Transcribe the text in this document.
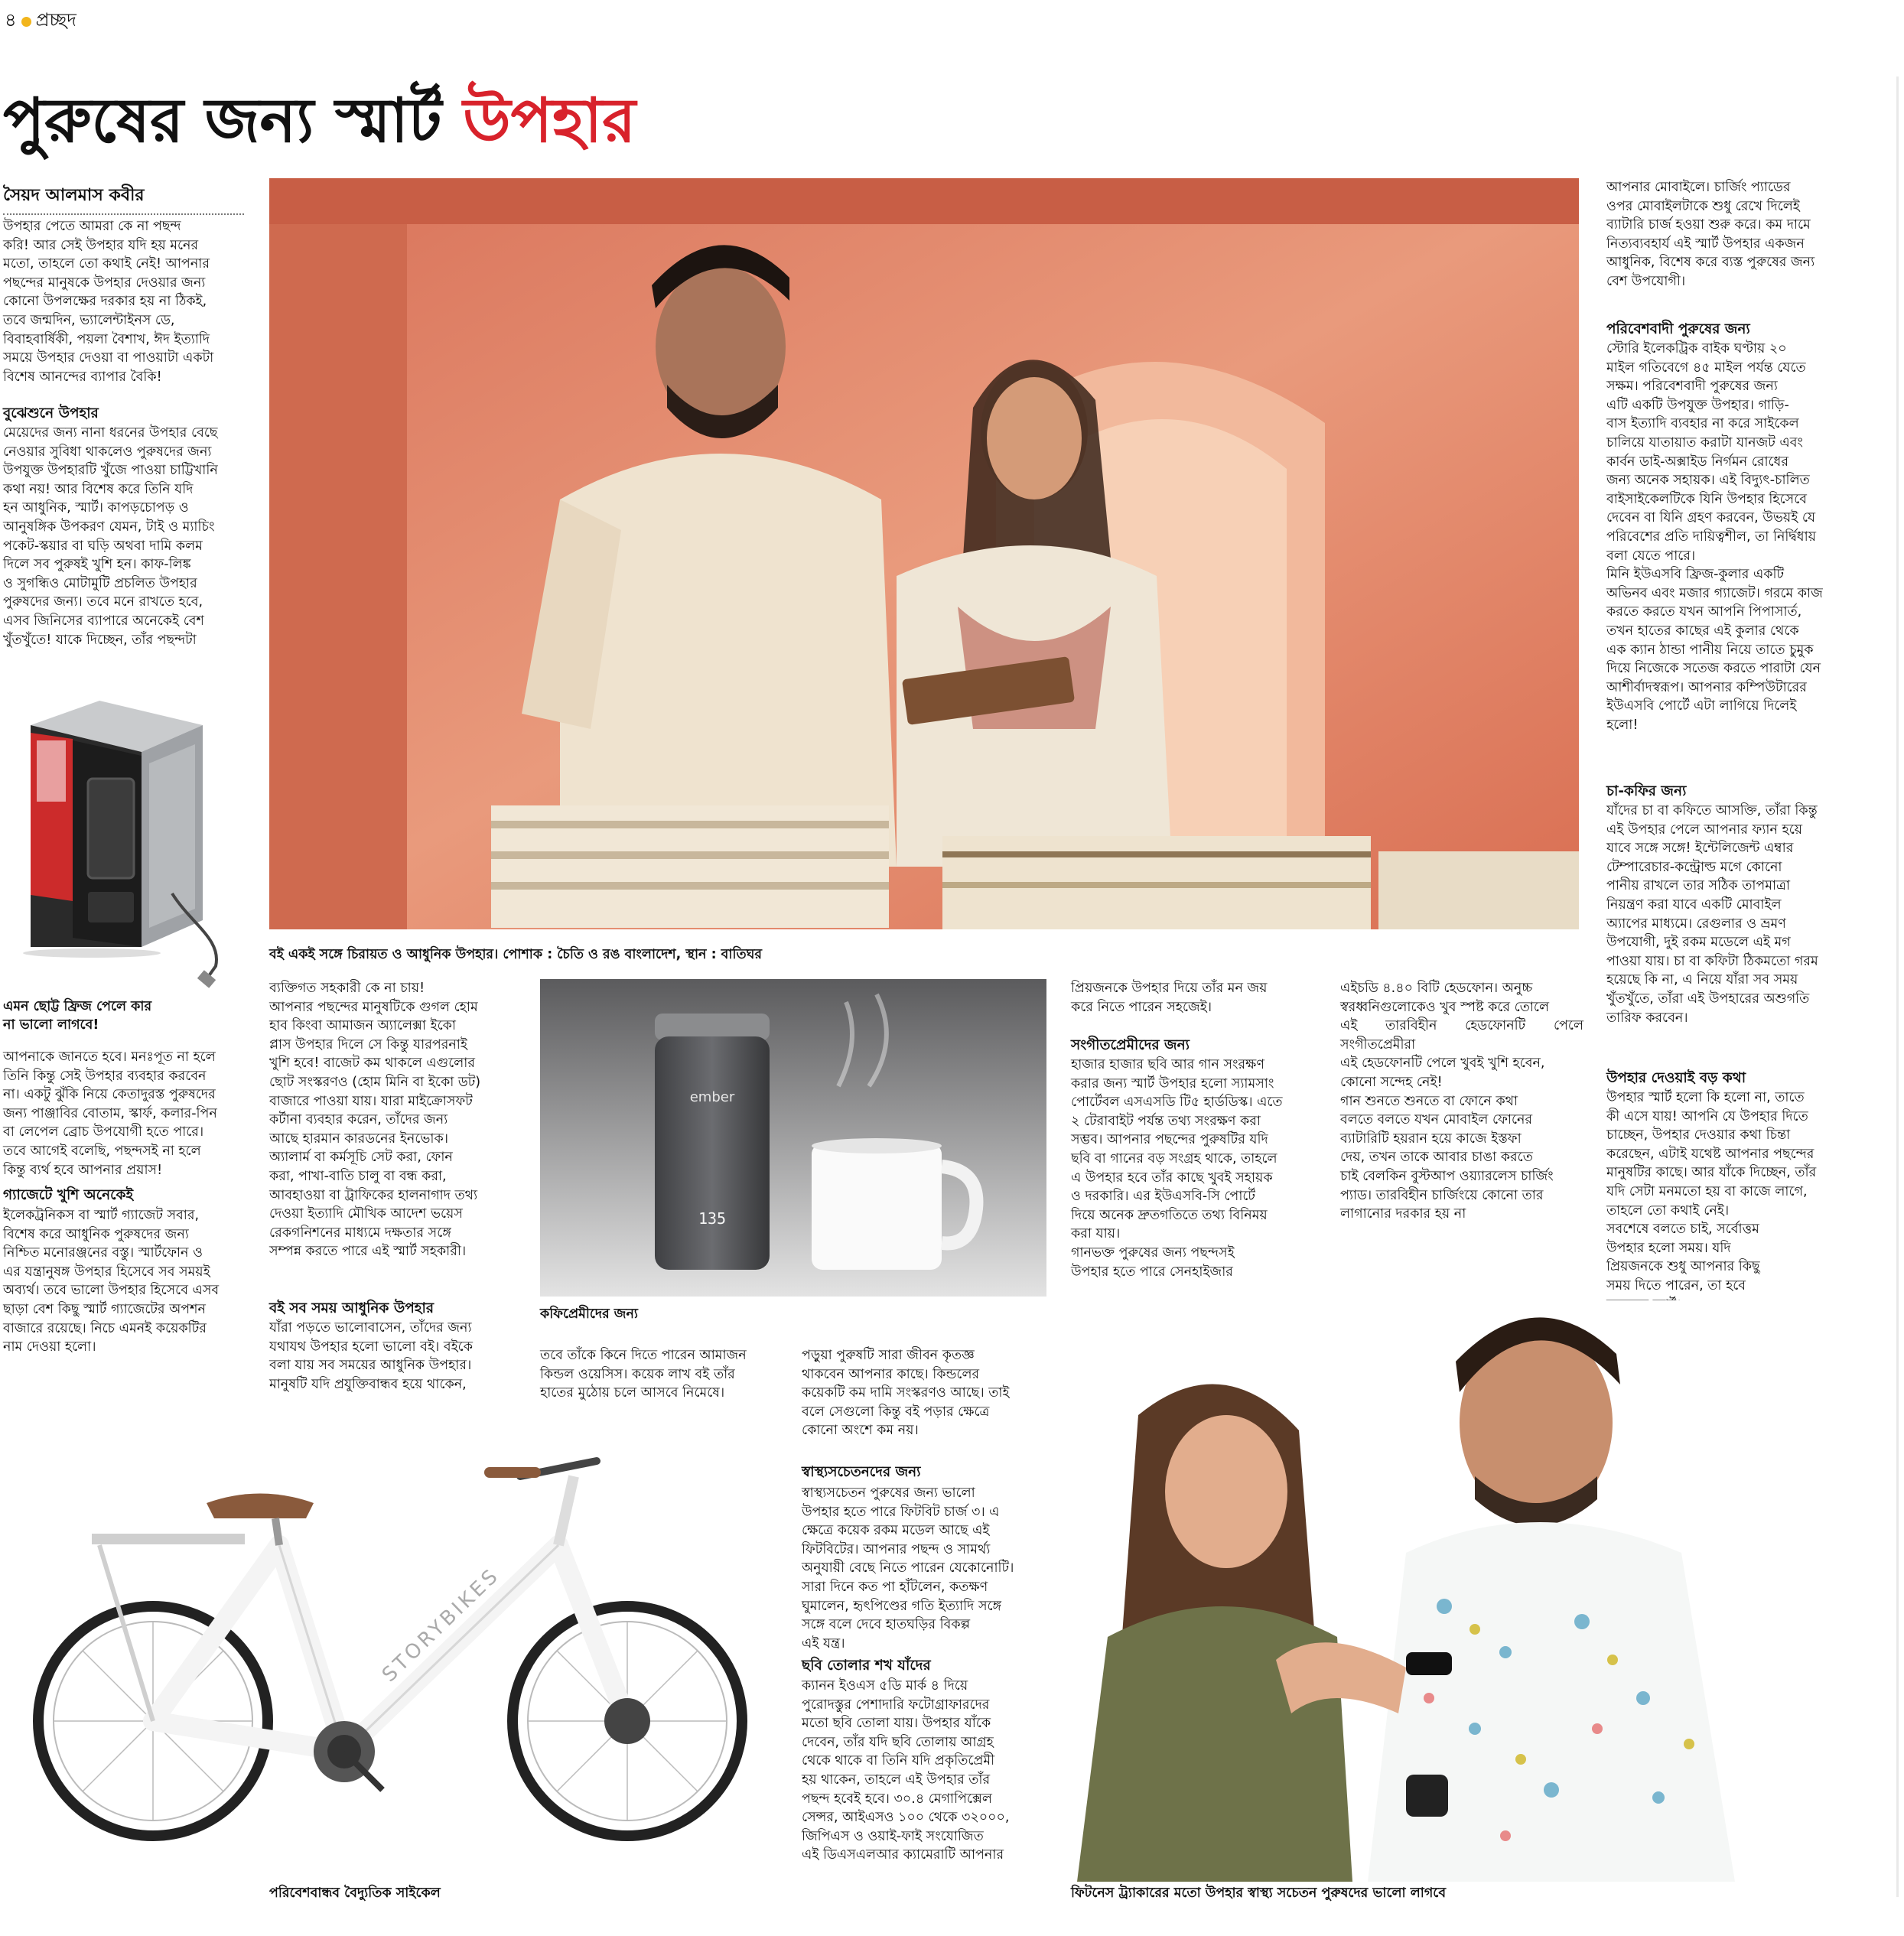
৪ প্রচ্ছদ
পুরুষের জন্য স্মার্ট উপহার
সৈয়দ আলমাস কবীর
উপহার পেতে আমরা কে না পছন্দ
করি! আর সেই উপহার যদি হয় মনের
মতো, তাহলে তো কথাই নেই! আপনার
পছন্দের মানুষকে উপহার দেওয়ার জন্য
কোনো উপলক্ষের দরকার হয় না ঠিকই,
তবে জন্মদিন, ভ্যালেন্টাইনস ডে,
বিবাহবার্ষিকী, পয়লা বৈশাখ, ঈদ ইত্যাদি
সময়ে উপহার দেওয়া বা পাওয়াটা একটা
বিশেষ আনন্দের ব্যাপার বৈকি!
বুঝেশুনে উপহার
মেয়েদের জন্য নানা ধরনের উপহার বেছে
নেওয়ার সুবিধা থাকলেও পুরুষদের জন্য
উপযুক্ত উপহারটি খুঁজে পাওয়া চাট্টিখানি
কথা নয়! আর বিশেষ করে তিনি যদি
হন আধুনিক, স্মার্ট। কাপড়চোপড় ও
আনুষঙ্গিক উপকরণ যেমন, টাই ও ম্যাচিং
পকেট-স্কয়ার বা ঘড়ি অথবা দামি কলম
দিলে সব পুরুষই খুশি হন। কাফ-লিঙ্ক
ও সুগন্ধিও মোটামুটি প্রচলিত উপহার
পুরুষদের জন্য। তবে মনে রাখতে হবে,
এসব জিনিসের ব্যাপারে অনেকেই বেশ
খুঁতখুঁতে! যাকে দিচ্ছেন, তাঁর পছন্দটা
এমন ছোট্ট ফ্রিজ পেলে কার
না ভালো লাগবে!
আপনাকে জানতে হবে। মনঃপূত না হলে
তিনি কিন্তু সেই উপহার ব্যবহার করবেন
না। একটু ঝুঁকি নিয়ে কেতাদুরস্ত পুরুষদের
জন্য পাঞ্জাবির বোতাম, স্কার্ফ, কলার-পিন
বা লেপেল ব্রোচ উপযোগী হতে পারে।
তবে আগেই বলেছি, পছন্দসই না হলে
কিন্তু ব্যর্থ হবে আপনার প্রয়াস!
গ্যাজেটে খুশি অনেকেই
ইলেকট্রনিকস বা স্মার্ট গ্যাজেট সবার,
বিশেষ করে আধুনিক পুরুষদের জন্য
নিশ্চিত মনোরঞ্জনের বস্তু। স্মার্টফোন ও
এর যন্ত্রানুষঙ্গ উপহার হিসেবে সব সময়ই
অব্যর্থ। তবে ভালো উপহার হিসেবে এসব
ছাড়া বেশ কিছু স্মার্ট গ্যাজেটের অপশন
বাজারে রয়েছে। নিচে এমনই কয়েকটির
নাম দেওয়া হলো।
বই একই সঙ্গে চিরায়ত ও আধুনিক উপহার। পোশাক : চৈতি ও রঙ বাংলাদেশ, স্থান : বাতিঘর
ব্যক্তিগত সহকারী কে না চায়!
আপনার পছন্দের মানুষটিকে গুগল হোম
হাব কিংবা আমাজন অ্যালেক্সা ইকো
প্লাস উপহার দিলে সে কিন্তু যারপরনাই
খুশি হবে! বাজেট কম থাকলে এগুলোর
ছোট সংস্করণও (হোম মিনি বা ইকো ডট)
বাজারে পাওয়া যায়। যারা মাইক্রোসফট
কর্টানা ব্যবহার করেন, তাঁদের জন্য
আছে হারমান কারডনের ইনভোক।
অ্যালার্ম বা কর্মসূচি সেট করা, ফোন
করা, পাখা-বাতি চালু বা বন্ধ করা,
আবহাওয়া বা ট্রাফিকের হালনাগাদ তথ্য
দেওয়া ইত্যাদি মৌখিক আদেশ ভয়েস
রেকগনিশনের মাধ্যমে দক্ষতার সঙ্গে
সম্পন্ন করতে পারে এই স্মার্ট সহকারী।
বই সব সময় আধুনিক উপহার
যাঁরা পড়তে ভালোবাসেন, তাঁদের জন্য
যথাযথ উপহার হলো ভালো বই। বইকে
বলা যায় সব সময়ের আধুনিক উপহার।
মানুষটি যদি প্রযুক্তিবান্ধব হয়ে থাকেন,
ember
135
কফিপ্রেমীদের জন্য
তবে তাঁকে কিনে দিতে পারেন আমাজন
কিন্ডল ওয়েসিস। কয়েক লাখ বই তাঁর
হাতের মুঠোয় চলে আসবে নিমেষে।
পড়ুয়া পুরুষটি সারা জীবন কৃতজ্ঞ
থাকবেন আপনার কাছে। কিন্ডলের
কয়েকটি কম দামি সংস্করণও আছে। তাই
বলে সেগুলো কিন্তু বই পড়ার ক্ষেত্রে
কোনো অংশে কম নয়।
স্বাস্থ্যসচেতনদের জন্য
স্বাস্থ্যসচেতন পুরুষের জন্য ভালো
উপহার হতে পারে ফিটবিট চার্জ ৩। এ
ক্ষেত্রে কয়েক রকম মডেল আছে এই
ফিটবিটের। আপনার পছন্দ ও সামর্থ্য
অনুযায়ী বেছে নিতে পারেন যেকোনোটি।
সারা দিনে কত পা হাঁটলেন, কতক্ষণ
ঘুমালেন, হৃৎপিণ্ডের গতি ইত্যাদি সঙ্গে
সঙ্গে বলে দেবে হাতঘড়ির বিকল্প
এই যন্ত্র।
ছবি তোলার শখ যাঁদের
ক্যানন ইওএস ৫ডি মার্ক ৪ দিয়ে
পুরোদস্তুর পেশাদারি ফটোগ্রাফারদের
মতো ছবি তোলা যায়। উপহার যাঁকে
দেবেন, তাঁর যদি ছবি তোলায় আগ্রহ
থেকে থাকে বা তিনি যদি প্রকৃতিপ্রেমী
হয় থাকেন, তাহলে এই উপহার তাঁর
পছন্দ হবেই হবে। ৩০.৪ মেগাপিক্সেল
সেন্সর, আইএসও ১০০ থেকে ৩২০০০,
জিপিএস ও ওয়াই-ফাই সংযোজিত
এই ডিএসএলআর ক্যামেরাটি আপনার
প্রিয়জনকে উপহার দিয়ে তাঁর মন জয়
করে নিতে পারেন সহজেই।
সংগীতপ্রেমীদের জন্য
হাজার হাজার ছবি আর গান সংরক্ষণ
করার জন্য স্মার্ট উপহার হলো স্যামসাং
পোর্টেবল এসএসডি টি৫ হার্ডডিস্ক। এতে
২ টেরাবাইট পর্যন্ত তথ্য সংরক্ষণ করা
সম্ভব। আপনার পছন্দের পুরুষটির যদি
ছবি বা গানের বড় সংগ্রহ থাকে, তাহলে
এ উপহার হবে তাঁর কাছে খুবই সহায়ক
ও দরকারি। এর ইউএসবি-সি পোর্টে
দিয়ে অনেক দ্রুতগতিতে তথ্য বিনিময়
করা যায়।
গানভক্ত পুরুষের জন্য পছন্দসই
উপহার হতে পারে সেনহাইজার
এইচডি ৪.৪০ বিটি হেডফোন। অনুচ্চ
স্বরধ্বনিগুলোকেও খুব স্পষ্ট করে তোলে
এই তারবিহীন হেডফোনটি পেলে সংগীতপ্রেমীরা
এই হেডফোনটি পেলে খুবই খুশি হবেন,
কোনো সন্দেহ নেই!
গান শুনতে শুনতে বা ফোনে কথা
বলতে বলতে যখন মোবাইল ফোনের
ব্যাটারিটি হয়রান হয়ে কাজে ইস্তফা
দেয়, তখন তাকে আবার চাঙা করতে
চাই বেলকিন বুস্টআপ ওয়্যারলেস চার্জিং
প্যাড। তারবিহীন চার্জিংয়ে কোনো তার
লাগানোর দরকার হয় না
আপনার মোবাইলে। চার্জিং প্যাডের
ওপর মোবাইলটাকে শুধু রেখে দিলেই
ব্যাটারি চার্জ হওয়া শুরু করে। কম দামে
নিত্যব্যবহার্য এই স্মার্ট উপহার একজন
আধুনিক, বিশেষ করে ব্যস্ত পুরুষের জন্য
বেশ উপযোগী।
পরিবেশবাদী পুরুষের জন্য
স্টোরি ইলেকট্রিক বাইক ঘণ্টায় ২০
মাইল গতিবেগে ৪৫ মাইল পর্যন্ত যেতে
সক্ষম। পরিবেশবাদী পুরুষের জন্য
এটি একটি উপযুক্ত উপহার। গাড়ি-
বাস ইত্যাদি ব্যবহার না করে সাইকেল
চালিয়ে যাতায়াত করাটা যানজট এবং
কার্বন ডাই-অক্সাইড নির্গমন রোধের
জন্য অনেক সহায়ক। এই বিদ্যুৎ-চালিত
বাইসাইকেলটিকে যিনি উপহার হিসেবে
দেবেন বা যিনি গ্রহণ করবেন, উভয়ই যে
পরিবেশের প্রতি দায়িত্বশীল, তা নির্দ্বিধায়
বলা যেতে পারে।
মিনি ইউএসবি ফ্রিজ-কুলার একটি
অভিনব এবং মজার গ্যাজেট। গরমে কাজ
করতে করতে যখন আপনি পিপাসার্ত,
তখন হাতের কাছের এই কুলার থেকে
এক ক্যান ঠান্ডা পানীয় নিয়ে তাতে চুমুক
দিয়ে নিজেকে সতেজ করতে পারাটা যেন
আশীর্বাদস্বরূপ। আপনার কম্পিউটারের
ইউএসবি পোর্টে এটা লাগিয়ে দিলেই
হলো!
চা-কফির জন্য
যাঁদের চা বা কফিতে আসক্তি, তাঁরা কিন্তু
এই উপহার পেলে আপনার ফ্যান হয়ে
যাবে সঙ্গে সঙ্গে! ইন্টেলিজেন্ট এম্বার
টেম্পারেচার-কন্ট্রোল্ড মগে কোনো
পানীয় রাখলে তার সঠিক তাপমাত্রা
নিয়ন্ত্রণ করা যাবে একটি মোবাইল
অ্যাপের মাধ্যমে। রেগুলার ও ভ্রমণ
উপযোগী, দুই রকম মডেলে এই মগ
পাওয়া যায়। চা বা কফিটা ঠিকমতো গরম
হয়েছে কি না, এ নিয়ে যাঁরা সব সময়
খুঁতখুঁতে, তাঁরা এই উপহারের অশুগতি
তারিফ করবেন।
উপহার দেওয়াই বড় কথা
উপহার স্মার্ট হলো কি হলো না, তাতে
কী এসে যায়! আপনি যে উপহার দিতে
চাচ্ছেন, উপহার দেওয়ার কথা চিন্তা
করেছেন, এটাই যথেষ্ট আপনার পছন্দের
মানুষটির কাছে। আর যাঁকে দিচ্ছেন, তাঁর
যদি সেটা মনমতো হয় বা কাজে লাগে,
তাহলে তো কথাই নেই।
সবশেষে বলতে চাই, সর্বোত্তম
উপহার হলো সময়। যদি
প্রিয়জনকে শুধু আপনার কিছু
সময় দিতে পারেন, তা হবে

STORYBIKES
পরিবেশবান্ধব বৈদ্যুতিক সাইকেল	ফিটনেস ট্র্যাকারের মতো উপহার স্বাস্থ্য সচেতন পুরুষদের ভালো লাগবে
